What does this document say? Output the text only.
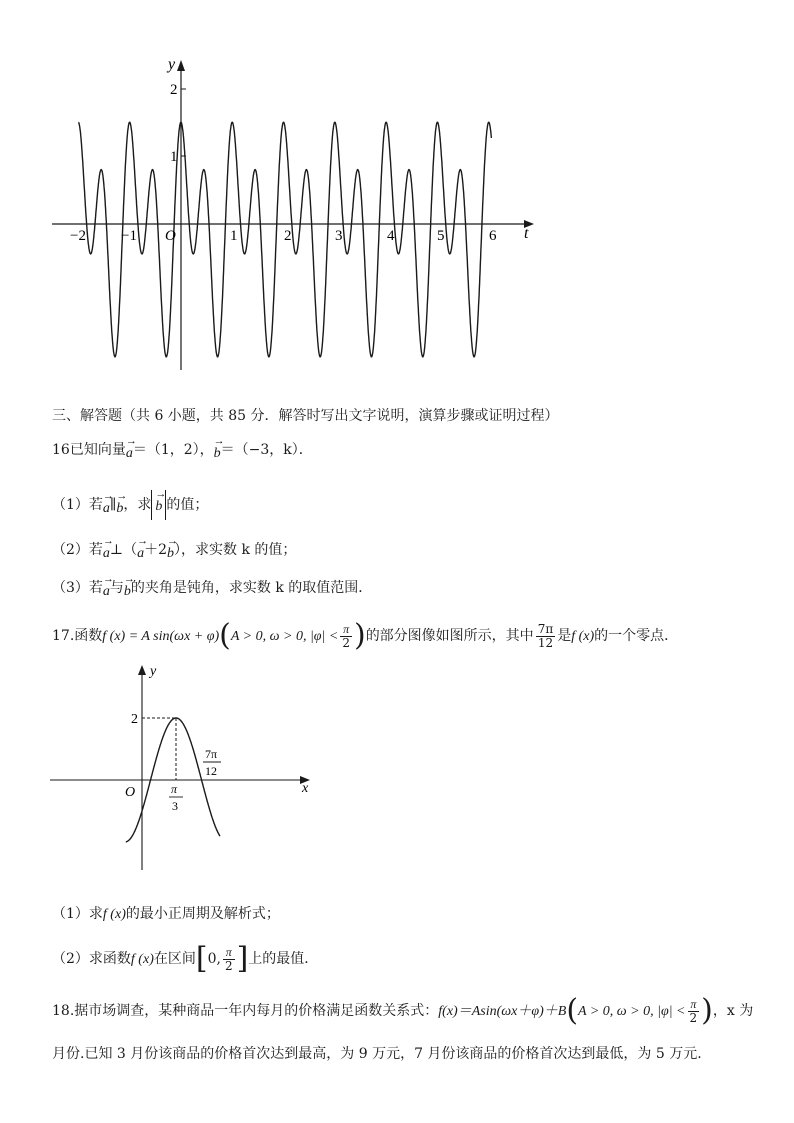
y
t
O
2
1
−2 −1	1	2	3	4	5	6
三、解答题（共 6 小题，共 85 分．解答时写出文字说明，演算步骤或证明过程）
16已知向量→ a＝（1，2），→ b＝（−3，k）．
（1）若→ a∥→ b，求→ b 的值；
（2）若→ a⊥（→ a＋2→ b），求实数 k 的值；
（3）若→ a与→ b的夹角是钝角，求实数 k 的取值范围．
17.函数f (x) = A sin(ωx + φ)(A > 0, ω > 0, $|\varphi| < \frac{\pi}{2}$ )的部分图像如图所示，其中 $\frac{7\pi}{12}$ 是f (x)的一个零点．
y
x
O
2
π
3
7π
12
（1）求f (x)的最小正周期及解析式；
（2）求函数f (x)在区间[0, $\frac{\pi}{2}$ ]上的最值．
18.据市场调查，某种商品一年内每月的价格满足函数关系式：f(x)＝Asin(ωx＋φ)＋B(A > 0, ω > 0, $|\varphi| < \frac{\pi}{2}$ )，x 为
月份.已知 3 月份该商品的价格首次达到最高，为 9 万元，7 月份该商品的价格首次达到最低，为 5 万元.
